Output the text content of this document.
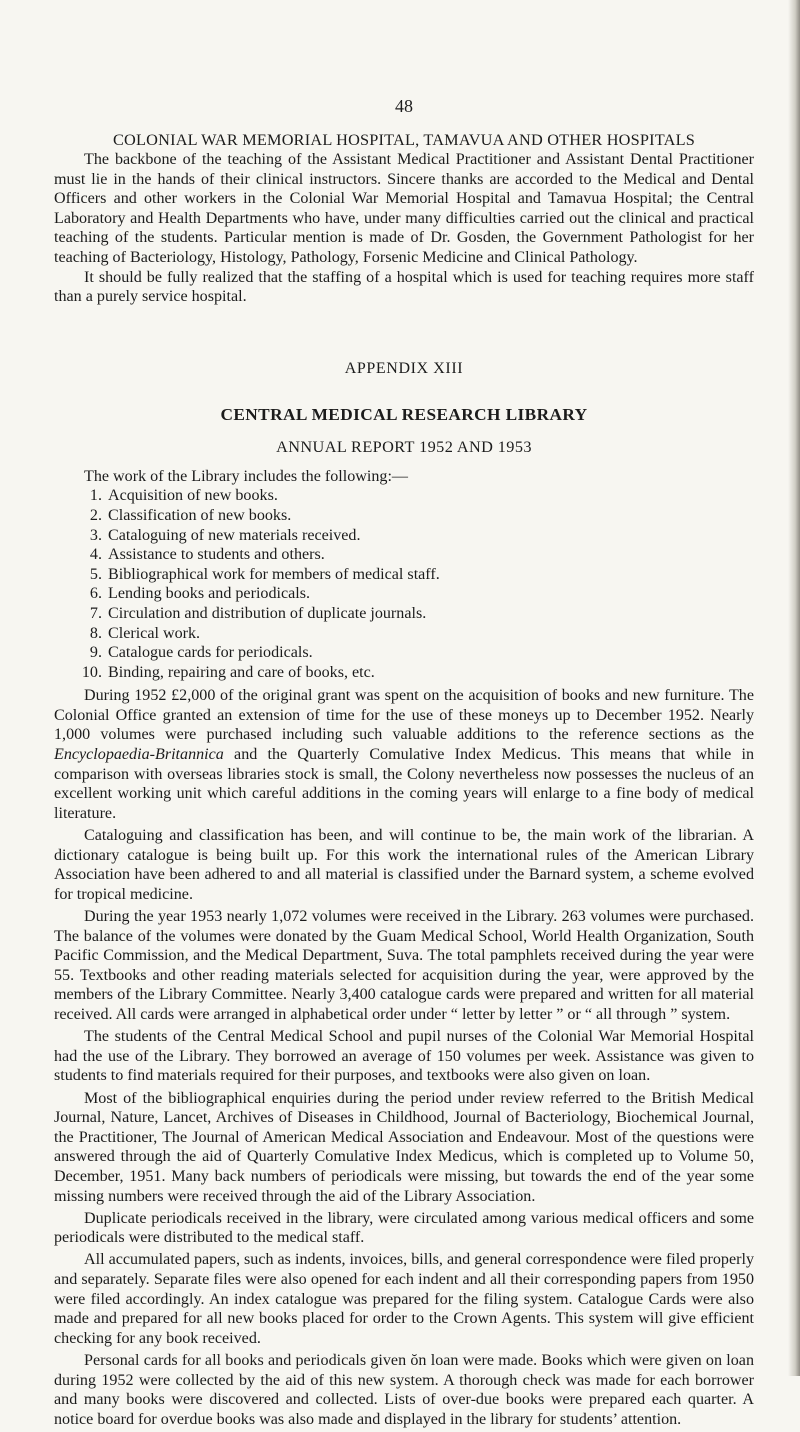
48
COLONIAL WAR MEMORIAL HOSPITAL, TAMAVUA AND OTHER HOSPITALS

The backbone of the teaching of the Assistant Medical Practitioner and Assistant Dental Practitioner must lie in the hands of their clinical instructors. Sincere thanks are accorded to the Medical and Dental Officers and other workers in the Colonial War Memorial Hospital and Tamavua Hospital; the Central Laboratory and Health Departments who have, under many difficulties carried out the clinical and practical teaching of the students. Particular mention is made of Dr. Gosden, the Government Pathologist for her teaching of Bacteriology, Histology, Pathology, Forsenic Medicine and Clinical Pathology.

It should be fully realized that the staffing of a hospital which is used for teaching requires more staff than a purely service hospital.

APPENDIX XIII
CENTRAL MEDICAL RESEARCH LIBRARY
ANNUAL REPORT 1952 AND 1953

The work of the Library includes the following:—

1. Acquisition of new books.
2. Classification of new books.
3. Cataloguing of new materials received.
4. Assistance to students and others.
5. Bibliographical work for members of medical staff.
6. Lending books and periodicals.
7. Circulation and distribution of duplicate journals.
8. Clerical work.
9. Catalogue cards for periodicals.
10. Binding, repairing and care of books, etc.

During 1952 £2,000 of the original grant was spent on the acquisition of books and new furniture. The Colonial Office granted an extension of time for the use of these moneys up to December 1952. Nearly 1,000 volumes were purchased including such valuable additions to the reference sections as the Encyclopaedia-Britannica and the Quarterly Comulative Index Medicus. This means that while in comparison with overseas libraries stock is small, the Colony nevertheless now possesses the nucleus of an excellent working unit which careful additions in the coming years will enlarge to a fine body of medical literature.

Cataloguing and classification has been, and will continue to be, the main work of the librarian. A dictionary catalogue is being built up. For this work the international rules of the American Library Association have been adhered to and all material is classified under the Barnard system, a scheme evolved for tropical medicine.

During the year 1953 nearly 1,072 volumes were received in the Library. 263 volumes were purchased. The balance of the volumes were donated by the Guam Medical School, World Health Organization, South Pacific Commission, and the Medical Department, Suva. The total pamphlets received during the year were 55. Textbooks and other reading materials selected for acquisition during the year, were approved by the members of the Library Committee. Nearly 3,400 catalogue cards were prepared and written for all material received. All cards were arranged in alphabetical order under “ letter by letter ” or “ all through ” system.

The students of the Central Medical School and pupil nurses of the Colonial War Memorial Hospital had the use of the Library. They borrowed an average of 150 volumes per week. Assistance was given to students to find materials required for their purposes, and textbooks were also given on loan.

Most of the bibliographical enquiries during the period under review referred to the British Medical Journal, Nature, Lancet, Archives of Diseases in Childhood, Journal of Bacteriology, Biochemical Journal, the Practitioner, The Journal of American Medical Association and Endeavour. Most of the questions were answered through the aid of Quarterly Comulative Index Medicus, which is completed up to Volume 50, December, 1951. Many back numbers of periodicals were missing, but towards the end of the year some missing numbers were received through the aid of the Library Association.

Duplicate periodicals received in the library, were circulated among various medical officers and some periodicals were distributed to the medical staff.

All accumulated papers, such as indents, invoices, bills, and general correspondence were filed properly and separately. Separate files were also opened for each indent and all their corresponding papers from 1950 were filed accordingly. An index catalogue was prepared for the filing system. Catalogue Cards were also made and prepared for all new books placed for order to the Crown Agents. This system will give efficient checking for any book received.

Personal cards for all books and periodicals given ŏn loan were made. Books which were given on loan during 1952 were collected by the aid of this new system. A thorough check was made for each borrower and many books were discovered and collected. Lists of over-due books were prepared each quarter. A notice board for overdue books was also made and displayed in the library for students’ attention.
